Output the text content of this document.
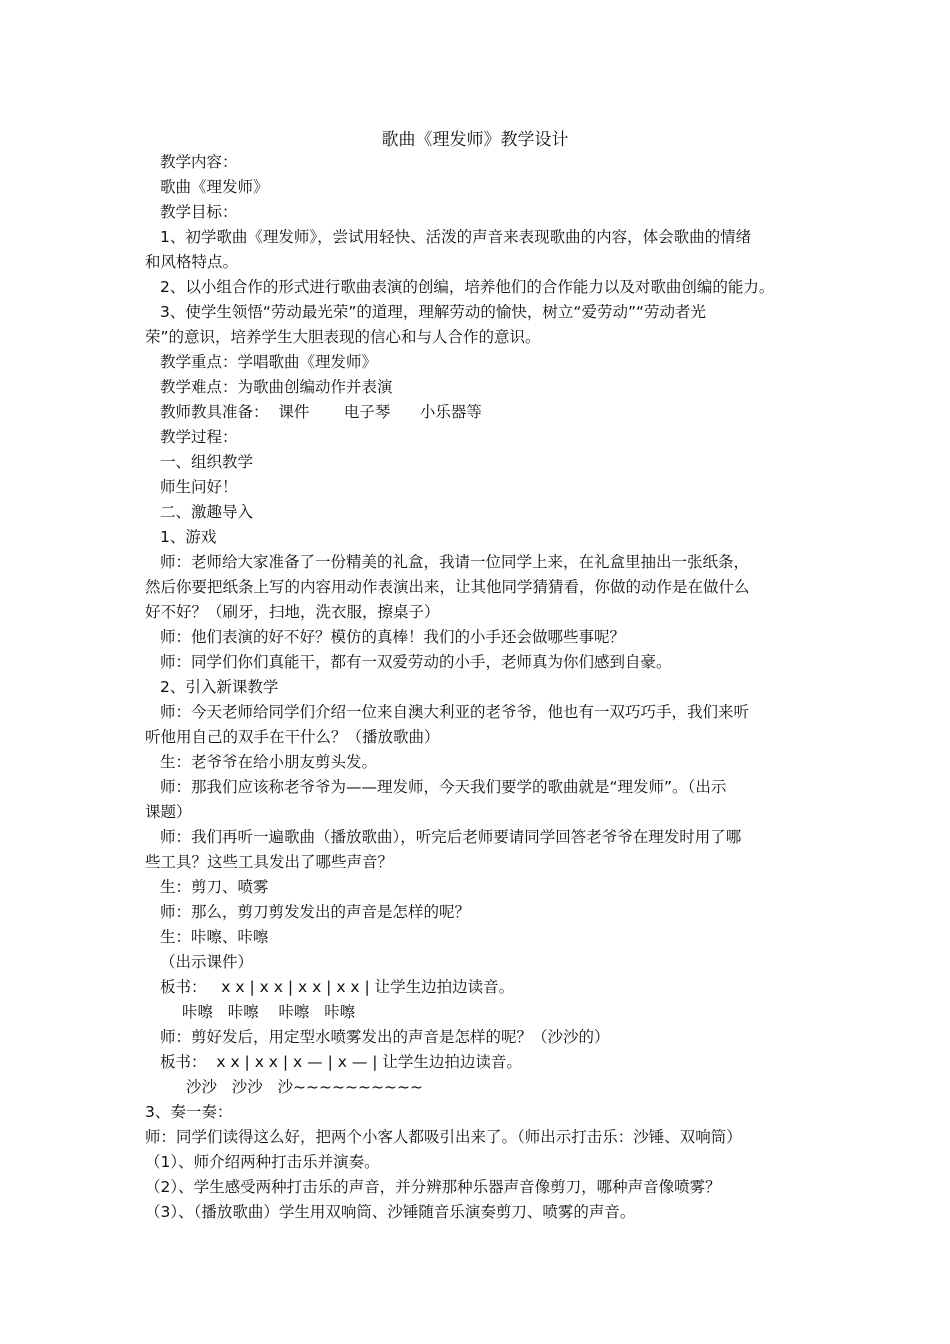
歌曲《理发师》教学设计
教学内容：
歌曲《理发师》
教学目标：
1、初学歌曲《理发师》，尝试用轻快、活泼的声音来表现歌曲的内容，体会歌曲的情绪
和风格特点。
2、以小组合作的形式进行歌曲表演的创编，培养他们的合作能力以及对歌曲创编的能力。
3、使学生领悟“劳动最光荣”的道理，理解劳动的愉快，树立“爱劳动”“劳动者光
荣”的意识，培养学生大胆表现的信心和与人合作的意识。
教学重点：学唱歌曲《理发师》
教学难点：为歌曲创编动作并表演
教师教具准备：  课件       电子琴      小乐器等
教学过程：
一、组织教学
师生问好！
二、激趣导入
1、游戏
师：老师给大家准备了一份精美的礼盒，我请一位同学上来，在礼盒里抽出一张纸条，
然后你要把纸条上写的内容用动作表演出来，让其他同学猜猜看，你做的动作是在做什么
好不好？（刷牙，扫地，洗衣服，擦桌子）
师：他们表演的好不好？模仿的真棒！我们的小手还会做哪些事呢？
师：同学们你们真能干，都有一双爱劳动的小手，老师真为你们感到自豪。
2、引入新课教学
师：今天老师给同学们介绍一位来自澳大利亚的老爷爷，他也有一双巧巧手，我们来听
听他用自己的双手在干什么？（播放歌曲）
生：老爷爷在给小朋友剪头发。
师：那我们应该称老爷爷为——理发师，今天我们要学的歌曲就是“理发师”。（出示
课题）
师：我们再听一遍歌曲（播放歌曲），听完后老师要请同学回答老爷爷在理发时用了哪
些工具？这些工具发出了哪些声音？
生：剪刀、喷雾
师：那么，剪刀剪发发出的声音是怎样的呢？
生：咔嚓、咔嚓
（出示课件）
板书：   x x | x x | x x | x x | 让学生边拍边读音。
咔嚓   咔嚓    咔嚓   咔嚓
师：剪好发后，用定型水喷雾发出的声音是怎样的呢？（沙沙的）
板书：  x x | x x | x — | x — | 让学生边拍边读音。
沙沙   沙沙   沙~~~~~~~~~~
3、奏一奏：
师：同学们读得这么好，把两个小客人都吸引出来了。（师出示打击乐：沙锤、双响筒）
（1）、师介绍两种打击乐并演奏。
（2）、学生感受两种打击乐的声音，并分辨那种乐器声音像剪刀，哪种声音像喷雾？
（3）、（播放歌曲）学生用双响筒、沙锤随音乐演奏剪刀、喷雾的声音。
